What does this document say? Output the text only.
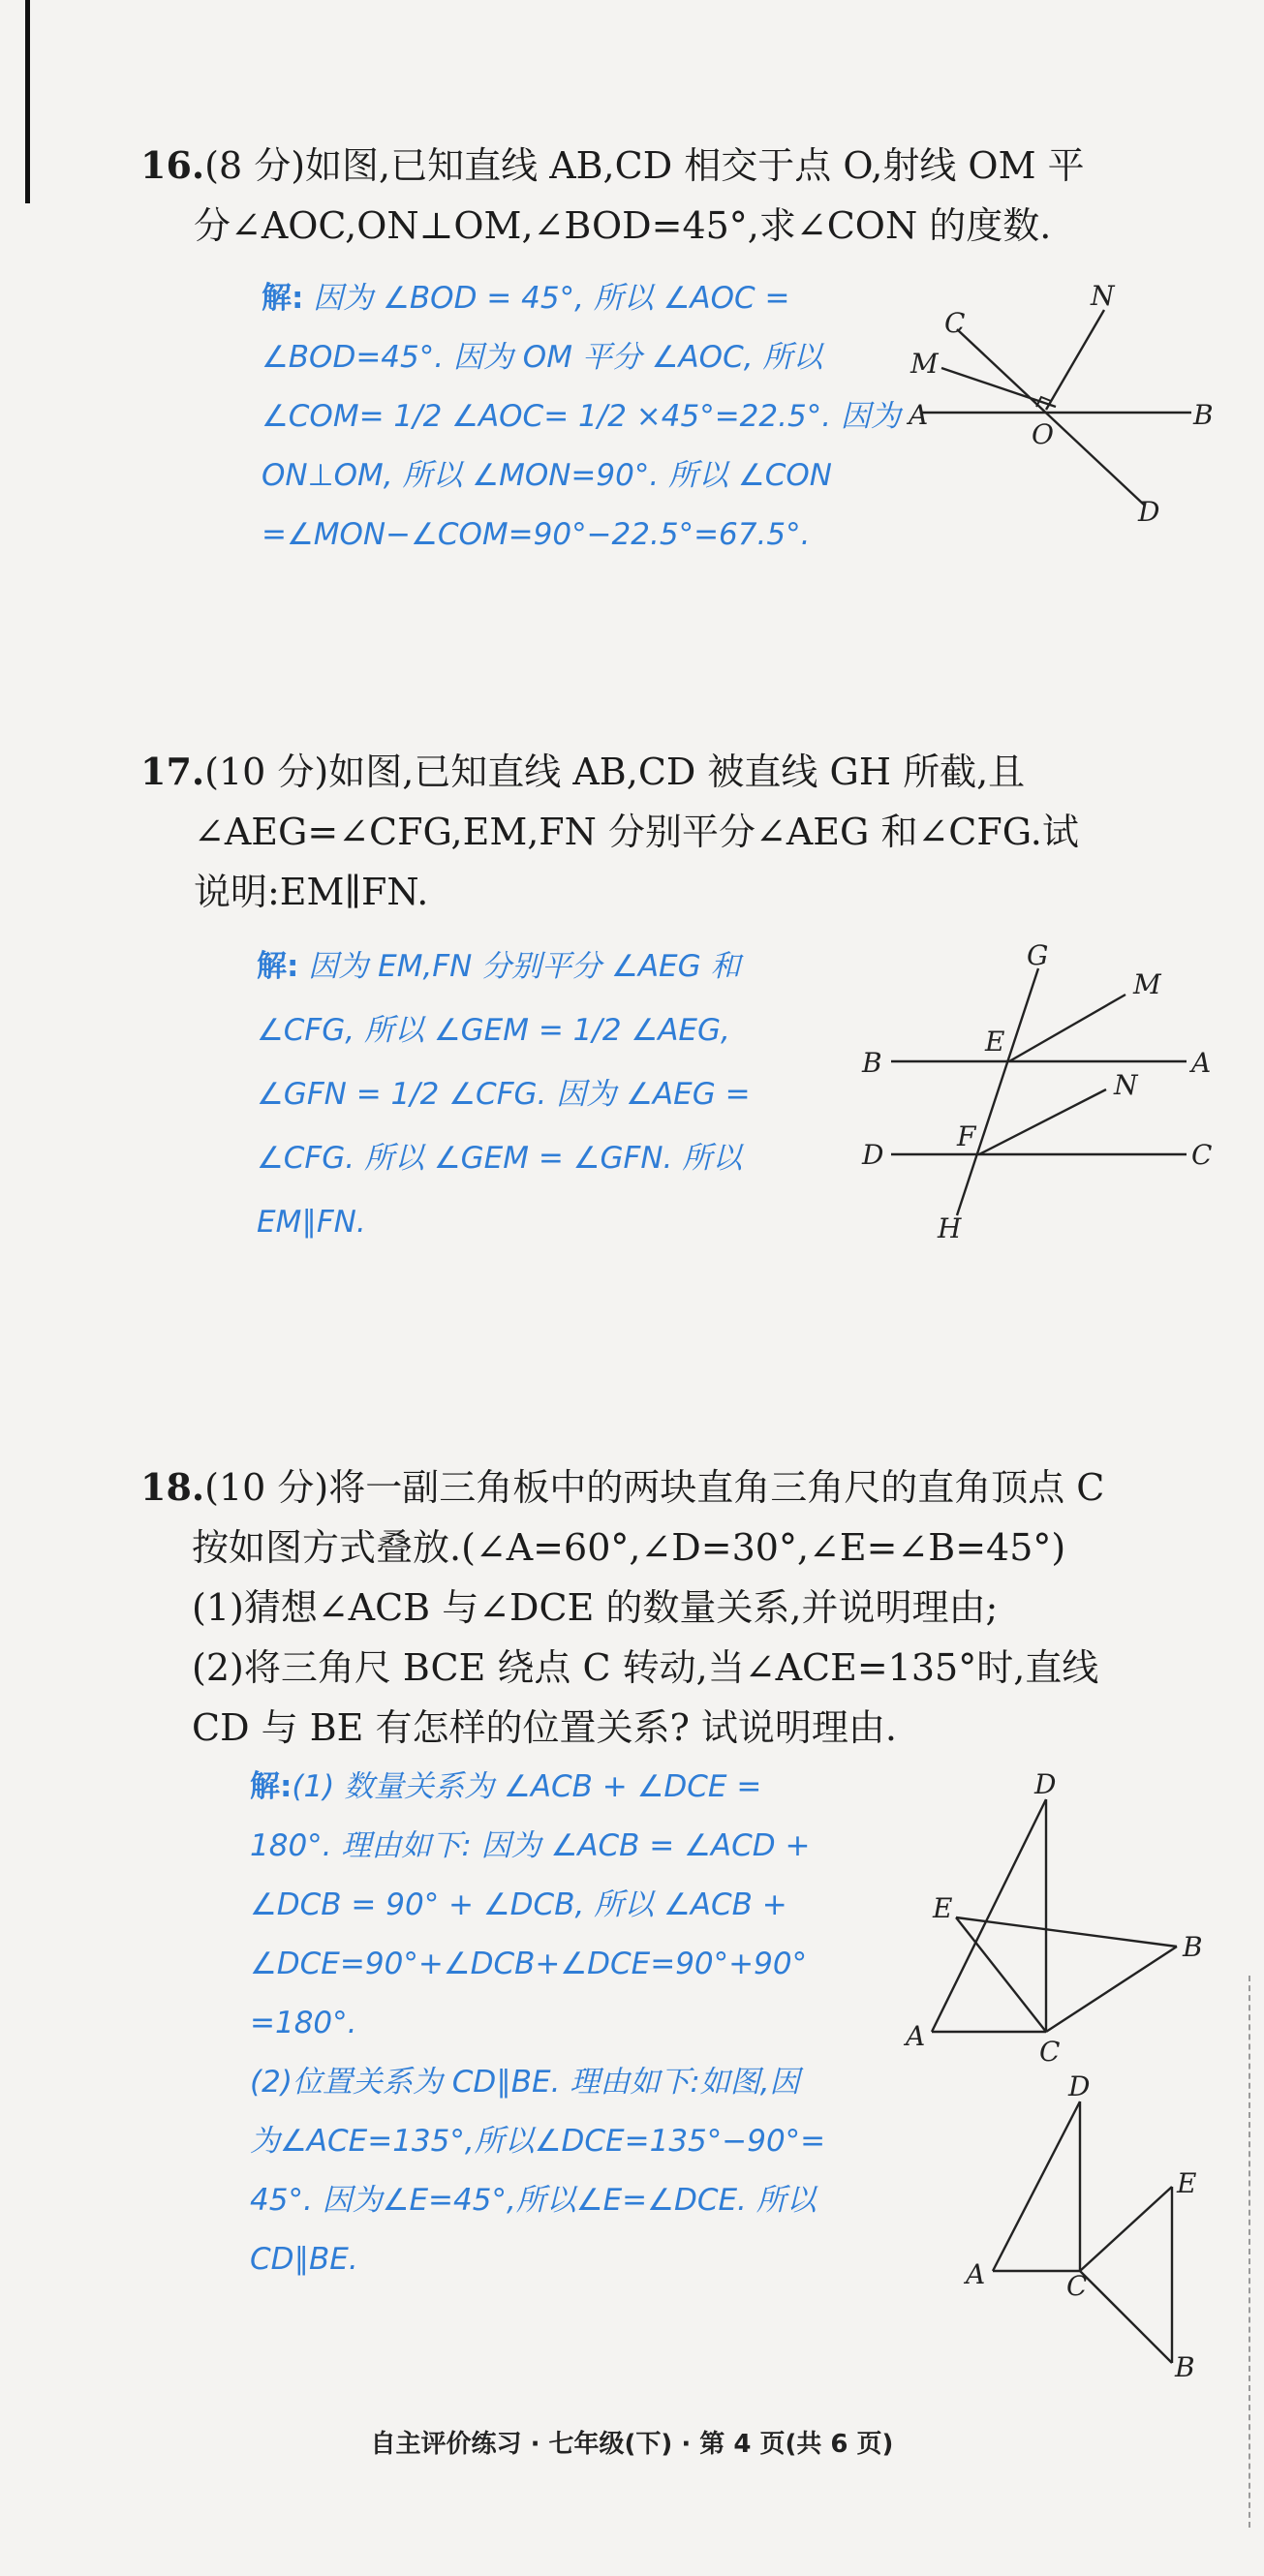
16.(8 分)如图,已知直线 AB,CD 相交于点 O,射线 OM 平
分∠AOC,ON⊥OM,∠BOD=45°,求∠CON 的度数.
解: 因为 ∠BOD = 45°, 所以 ∠AOC =
∠BOD=45°. 因为 OM 平分 ∠AOC, 所以
∠COM= 1/2 ∠AOC= 1/2 ×45°=22.5°. 因为
ON⊥OM, 所以 ∠MON=90°. 所以 ∠CON
=∠MON−∠COM=90°−22.5°=67.5°.
N
C
M
A
O
B
D
17.(10 分)如图,已知直线 AB,CD 被直线 GH 所截,且
∠AEG=∠CFG,EM,FN 分别平分∠AEG 和∠CFG.试
说明:EM∥FN.
解: 因为 EM,FN 分别平分 ∠AEG 和
∠CFG, 所以 ∠GEM = 1/2 ∠AEG,
∠GFN = 1/2 ∠CFG. 因为 ∠AEG =
∠CFG. 所以 ∠GEM = ∠GFN. 所以
EM∥FN.
G
M
B
E
A
N
D
F
C
H
18.(10 分)将一副三角板中的两块直角三角尺的直角顶点 C
按如图方式叠放.(∠A=60°,∠D=30°,∠E=∠B=45°)
(1)猜想∠ACB 与∠DCE 的数量关系,并说明理由;
(2)将三角尺 BCE 绕点 C 转动,当∠ACE=135°时,直线
CD 与 BE 有怎样的位置关系? 试说明理由.
解:(1) 数量关系为 ∠ACB + ∠DCE =
180°. 理由如下: 因为 ∠ACB = ∠ACD +
∠DCB = 90° + ∠DCB, 所以 ∠ACB +
∠DCE=90°+∠DCB+∠DCE=90°+90°
=180°.
(2)位置关系为 CD∥BE. 理由如下:如图,因
为∠ACE=135°,所以∠DCE=135°−90°=
45°. 因为∠E=45°,所以∠E=∠DCE. 所以
CD∥BE.
D
E
B
A	C
D
E
A	C
B
自主评价练习 · 七年级(下) · 第 4 页(共 6 页)
